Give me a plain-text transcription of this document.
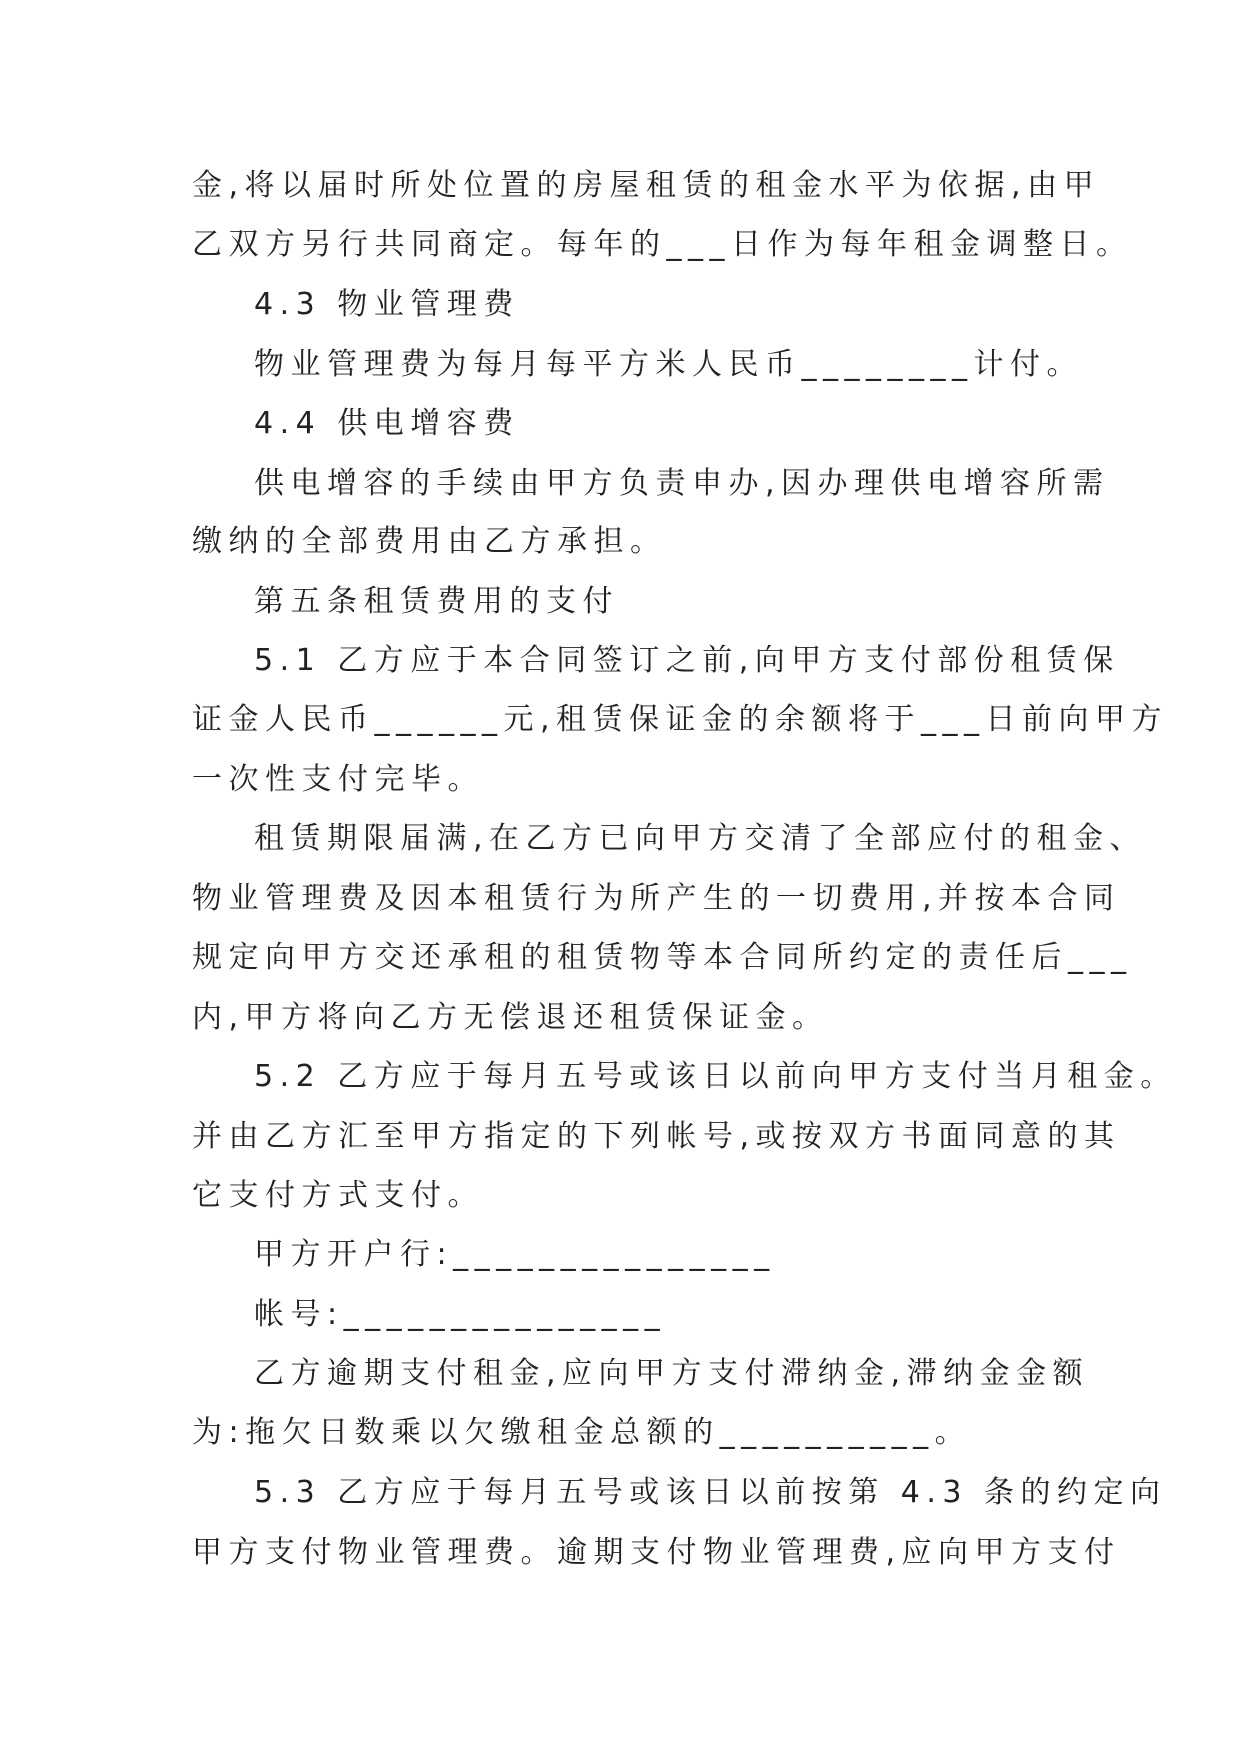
金,将以届时所处位置的房屋租赁的租金水平为依据,由甲
乙双方另行共同商定。每年的___日作为每年租金调整日。
4.3 物业管理费
物业管理费为每月每平方米人民币________计付。
4.4 供电增容费
供电增容的手续由甲方负责申办,因办理供电增容所需
缴纳的全部费用由乙方承担。
第五条租赁费用的支付
5.1 乙方应于本合同签订之前,向甲方支付部份租赁保
证金人民币______元,租赁保证金的余额将于___日前向甲方
一次性支付完毕。
租赁期限届满,在乙方已向甲方交清了全部应付的租金、
物业管理费及因本租赁行为所产生的一切费用,并按本合同
规定向甲方交还承租的租赁物等本合同所约定的责任后___
内,甲方将向乙方无偿退还租赁保证金。
5.2 乙方应于每月五号或该日以前向甲方支付当月租金。
并由乙方汇至甲方指定的下列帐号,或按双方书面同意的其
它支付方式支付。
甲方开户行:_______________
帐号:_______________
乙方逾期支付租金,应向甲方支付滞纳金,滞纳金金额
为:拖欠日数乘以欠缴租金总额的__________。
5.3 乙方应于每月五号或该日以前按第 4.3 条的约定向
甲方支付物业管理费。逾期支付物业管理费,应向甲方支付
